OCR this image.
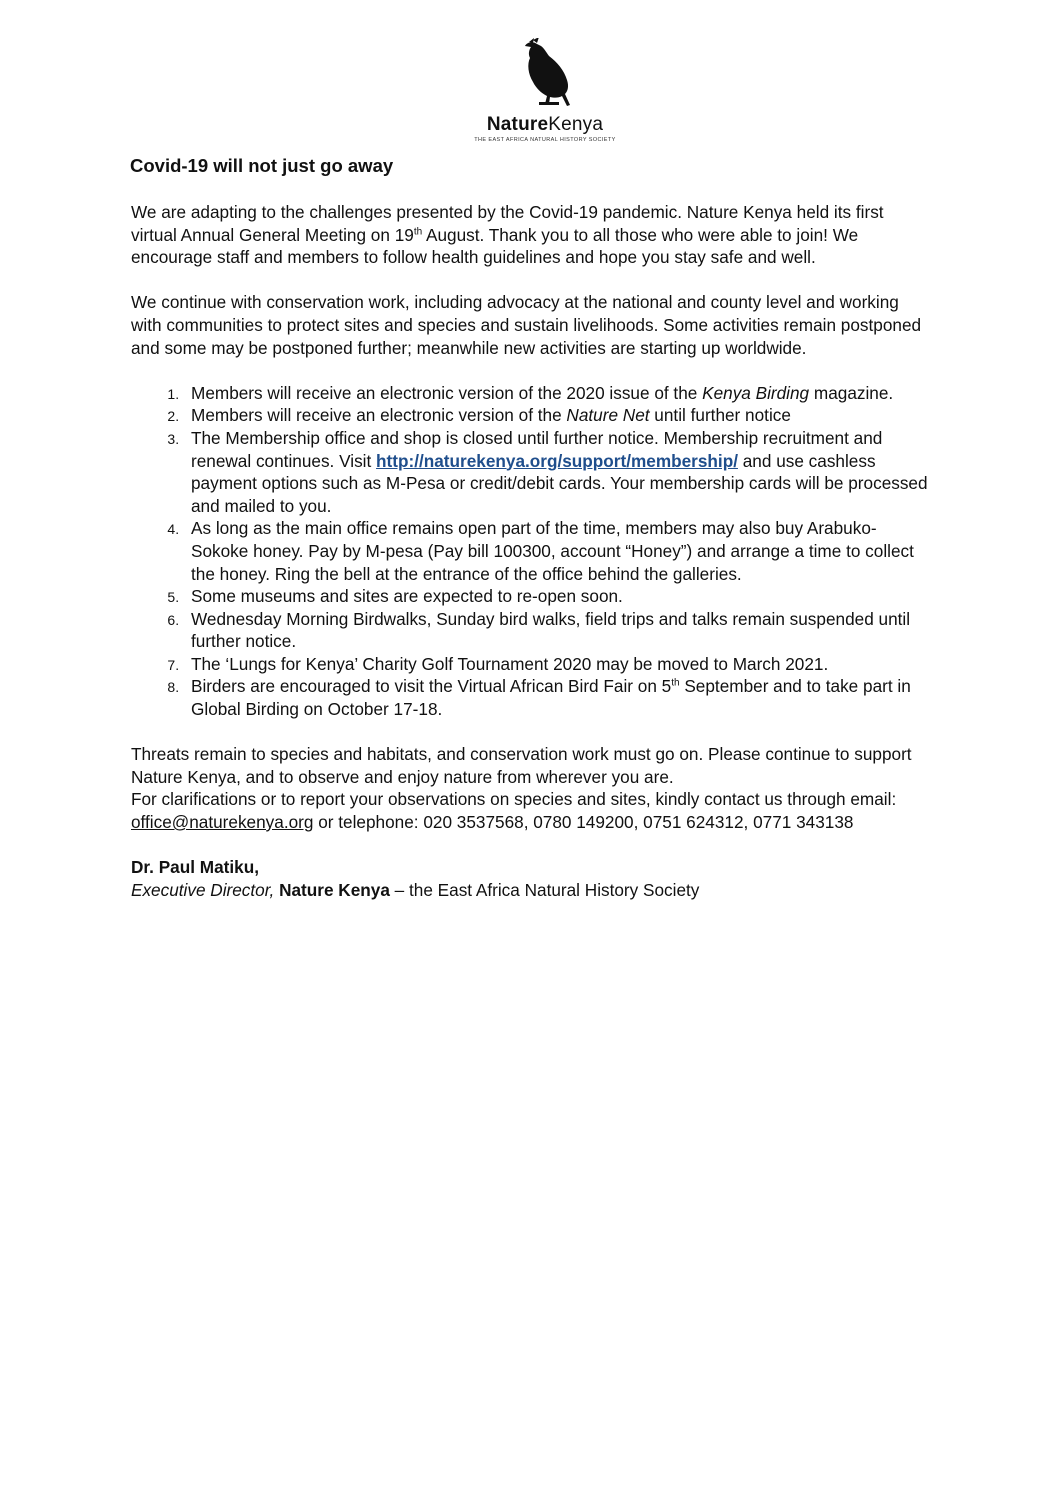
NatureKenya
THE EAST AFRICA NATURAL HISTORY SOCIETY
Covid-19 will not just go away

We are adapting to the challenges presented by the Covid-19 pandemic. Nature Kenya held its first virtual Annual General Meeting on 19th August. Thank you to all those who were able to join! We encourage staff and members to follow health guidelines and hope you stay safe and well.

We continue with conservation work, including advocacy at the national and county level and working with communities to protect sites and species and sustain livelihoods. Some activities remain postponed and some may be postponed further; meanwhile new activities are starting up worldwide.

1. Members will receive an electronic version of the 2020 issue of the Kenya Birding magazine.
2. Members will receive an electronic version of the Nature Net until further notice
3. The Membership office and shop is closed until further notice. Membership recruitment and renewal continues. Visit http://naturekenya.org/support/membership/ and use cashless payment options such as M-Pesa or credit/debit cards. Your membership cards will be processed and mailed to you.
4. As long as the main office remains open part of the time, members may also buy Arabuko-Sokoke honey. Pay by M-pesa (Pay bill 100300, account “Honey”) and arrange a time to collect the honey. Ring the bell at the entrance of the office behind the galleries.
5. Some museums and sites are expected to re-open soon.
6. Wednesday Morning Birdwalks, Sunday bird walks, field trips and talks remain suspended until further notice.
7. The ‘Lungs for Kenya’ Charity Golf Tournament 2020 may be moved to March 2021.
8. Birders are encouraged to visit the Virtual African Bird Fair on 5th September and to take part in Global Birding on October 17-18.

Threats remain to species and habitats, and conservation work must go on. Please continue to support Nature Kenya, and to observe and enjoy nature from wherever you are.
For clarifications or to report your observations on species and sites, kindly contact us through email: office@naturekenya.org or telephone: 020 3537568, 0780 149200, 0751 624312, 0771 343138

Dr. Paul Matiku,
Executive Director, Nature Kenya – the East Africa Natural History Society
